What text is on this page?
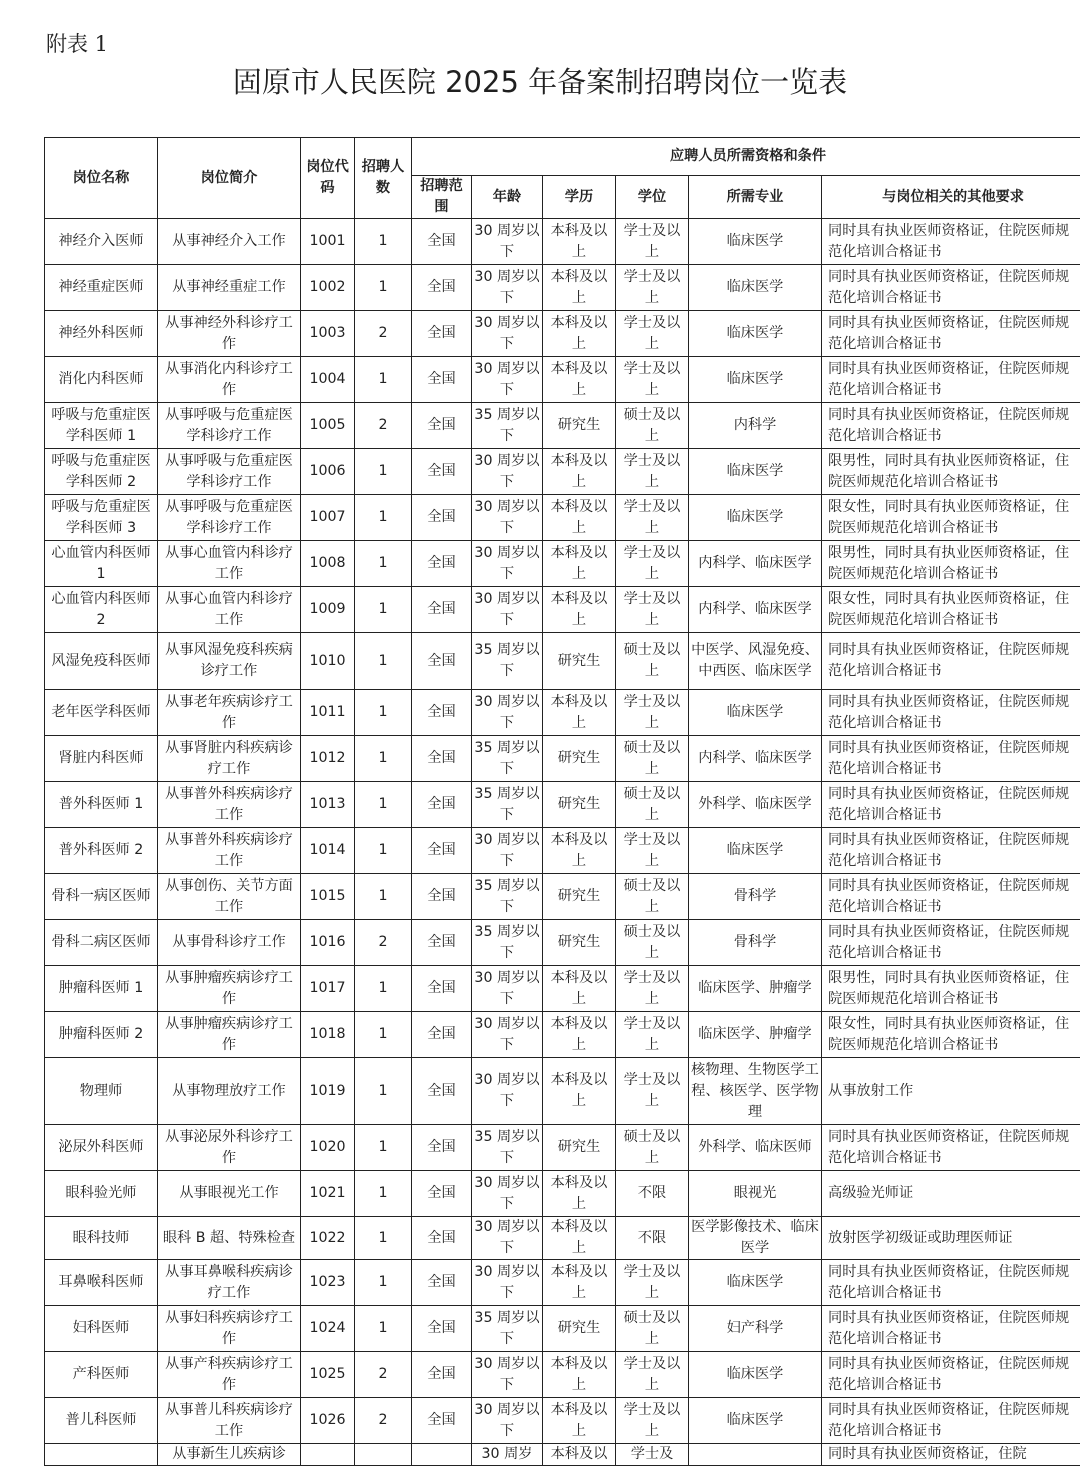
附表 1
固原市人民医院 2025 年备案制招聘岗位一览表
岗位名称	岗位简介	岗位代码	招聘人数	应聘人员所需资格和条件					
				招聘范围	年龄	学历	学位	所需专业	与岗位相关的其他要求
神经介入医师	从事神经介入工作	1001	1	全国	30 周岁以下	本科及以上	学士及以上	临床医学	同时具有执业医师资格证，住院医师规范化培训合格证书
神经重症医师	从事神经重症工作	1002	1	全国	30 周岁以下	本科及以上	学士及以上	临床医学	同时具有执业医师资格证，住院医师规范化培训合格证书
神经外科医师	从事神经外科诊疗工作	1003	2	全国	30 周岁以下	本科及以上	学士及以上	临床医学	同时具有执业医师资格证，住院医师规范化培训合格证书
消化内科医师	从事消化内科诊疗工作	1004	1	全国	30 周岁以下	本科及以上	学士及以上	临床医学	同时具有执业医师资格证，住院医师规范化培训合格证书
呼吸与危重症医学科医师 1	从事呼吸与危重症医学科诊疗工作	1005	2	全国	35 周岁以下	研究生	硕士及以上	内科学	同时具有执业医师资格证，住院医师规范化培训合格证书
呼吸与危重症医学科医师 2	从事呼吸与危重症医学科诊疗工作	1006	1	全国	30 周岁以下	本科及以上	学士及以上	临床医学	限男性，同时具有执业医师资格证，住院医师规范化培训合格证书
呼吸与危重症医学科医师 3	从事呼吸与危重症医学科诊疗工作	1007	1	全国	30 周岁以下	本科及以上	学士及以上	临床医学	限女性，同时具有执业医师资格证，住院医师规范化培训合格证书
心血管内科医师 1	从事心血管内科诊疗工作	1008	1	全国	30 周岁以下	本科及以上	学士及以上	内科学、临床医学	限男性，同时具有执业医师资格证，住院医师规范化培训合格证书
心血管内科医师 2	从事心血管内科诊疗工作	1009	1	全国	30 周岁以下	本科及以上	学士及以上	内科学、临床医学	限女性，同时具有执业医师资格证，住院医师规范化培训合格证书
风湿免疫科医师	从事风湿免疫科疾病诊疗工作	1010	1	全国	35 周岁以下	研究生	硕士及以上	中医学、风湿免疫、中西医、临床医学	同时具有执业医师资格证，住院医师规范化培训合格证书
老年医学科医师	从事老年疾病诊疗工作	1011	1	全国	30 周岁以下	本科及以上	学士及以上	临床医学	同时具有执业医师资格证，住院医师规范化培训合格证书
肾脏内科医师	从事肾脏内科疾病诊疗工作	1012	1	全国	35 周岁以下	研究生	硕士及以上	内科学、临床医学	同时具有执业医师资格证，住院医师规范化培训合格证书
普外科医师 1	从事普外科疾病诊疗工作	1013	1	全国	35 周岁以下	研究生	硕士及以上	外科学、临床医学	同时具有执业医师资格证，住院医师规范化培训合格证书
普外科医师 2	从事普外科疾病诊疗工作	1014	1	全国	30 周岁以下	本科及以上	学士及以上	临床医学	同时具有执业医师资格证，住院医师规范化培训合格证书
骨科一病区医师	从事创伤、关节方面工作	1015	1	全国	35 周岁以下	研究生	硕士及以上	骨科学	同时具有执业医师资格证，住院医师规范化培训合格证书
骨科二病区医师	从事骨科诊疗工作	1016	2	全国	35 周岁以下	研究生	硕士及以上	骨科学	同时具有执业医师资格证，住院医师规范化培训合格证书
肿瘤科医师 1	从事肿瘤疾病诊疗工作	1017	1	全国	30 周岁以下	本科及以上	学士及以上	临床医学、肿瘤学	限男性，同时具有执业医师资格证，住院医师规范化培训合格证书
肿瘤科医师 2	从事肿瘤疾病诊疗工作	1018	1	全国	30 周岁以下	本科及以上	学士及以上	临床医学、肿瘤学	限女性，同时具有执业医师资格证，住院医师规范化培训合格证书
物理师	从事物理放疗工作	1019	1	全国	30 周岁以下	本科及以上	学士及以上	核物理、生物医学工程、核医学、医学物理	从事放射工作
泌尿外科医师	从事泌尿外科诊疗工作	1020	1	全国	35 周岁以下	研究生	硕士及以上	外科学、临床医师	同时具有执业医师资格证，住院医师规范化培训合格证书
眼科验光师	从事眼视光工作	1021	1	全国	30 周岁以下	本科及以上	不限	眼视光	高级验光师证
眼科技师	眼科 B 超、特殊检查	1022	1	全国	30 周岁以下	本科及以上	不限	医学影像技术、临床医学	放射医学初级证或助理医师证
耳鼻喉科医师	从事耳鼻喉科疾病诊疗工作	1023	1	全国	30 周岁以下	本科及以上	学士及以上	临床医学	同时具有执业医师资格证，住院医师规范化培训合格证书
妇科医师	从事妇科疾病诊疗工作	1024	1	全国	35 周岁以下	研究生	硕士及以上	妇产科学	同时具有执业医师资格证，住院医师规范化培训合格证书
产科医师	从事产科疾病诊疗工作	1025	2	全国	30 周岁以下	本科及以上	学士及以上	临床医学	同时具有执业医师资格证，住院医师规范化培训合格证书
普儿科医师	从事普儿科疾病诊疗工作	1026	2	全国	30 周岁以下	本科及以上	学士及以上	临床医学	同时具有执业医师资格证，住院医师规范化培训合格证书
	从事新生儿疾病诊				30 周岁	本科及以	学士及		同时具有执业医师资格证，住院
